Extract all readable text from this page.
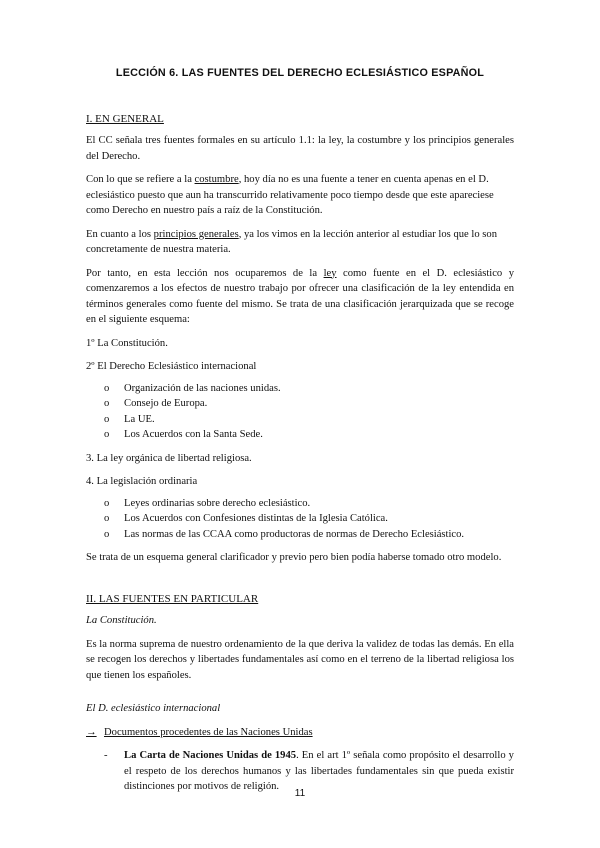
LECCIÓN 6. LAS FUENTES DEL DERECHO ECLESIÁSTICO ESPAÑOL
I. EN GENERAL

El CC señala tres fuentes formales en su artículo 1.1: la ley, la costumbre y los principios generales del Derecho.

Con lo que se refiere a la costumbre, hoy día no es una fuente a tener en cuenta apenas en el D. eclesiástico puesto que aun ha transcurrido relativamente poco tiempo desde que este apareciese como Derecho en nuestro país a raíz de la Constitución.

En cuanto a los principios generales, ya los vimos en la lección anterior al estudiar los que lo son concretamente de nuestra materia.

Por tanto, en esta lección nos ocuparemos de la ley como fuente en el D. eclesiástico y comenzaremos a los efectos de nuestro trabajo por ofrecer una clasificación de la ley entendida en términos generales como fuente del mismo. Se trata de una clasificación jerarquizada que se recoge en el siguiente esquema:

1º La Constitución.
2º El Derecho Eclesiástico internacional
o Organización de las naciones unidas.
o Consejo de Europa.
o La UE.
o Los Acuerdos con la Santa Sede.
3. La ley orgánica de libertad religiosa.
4. La legislación ordinaria
o Leyes ordinarias sobre derecho eclesiástico.
o Los Acuerdos con Confesiones distintas de la Iglesia Católica.
o Las normas de las CCAA como productoras de normas de Derecho Eclesiástico.

Se trata de un esquema general clarificador y previo pero bien podía haberse tomado otro modelo.

II. LAS FUENTES EN PARTICULAR
La Constitución.

Es la norma suprema de nuestro ordenamiento de la que deriva la validez de todas las demás. En ella se recogen los derechos y libertades fundamentales así como en el terreno de la libertad religiosa los que tienen los españoles.

El D. eclesiástico internacional
→ Documentos procedentes de las Naciones Unidas
- La Carta de Naciones Unidas de 1945. En el art 1º señala como propósito el desarrollo y el respeto de los derechos humanos y las libertades fundamentales sin que pueda existir distinciones por motivos de religión.
11
